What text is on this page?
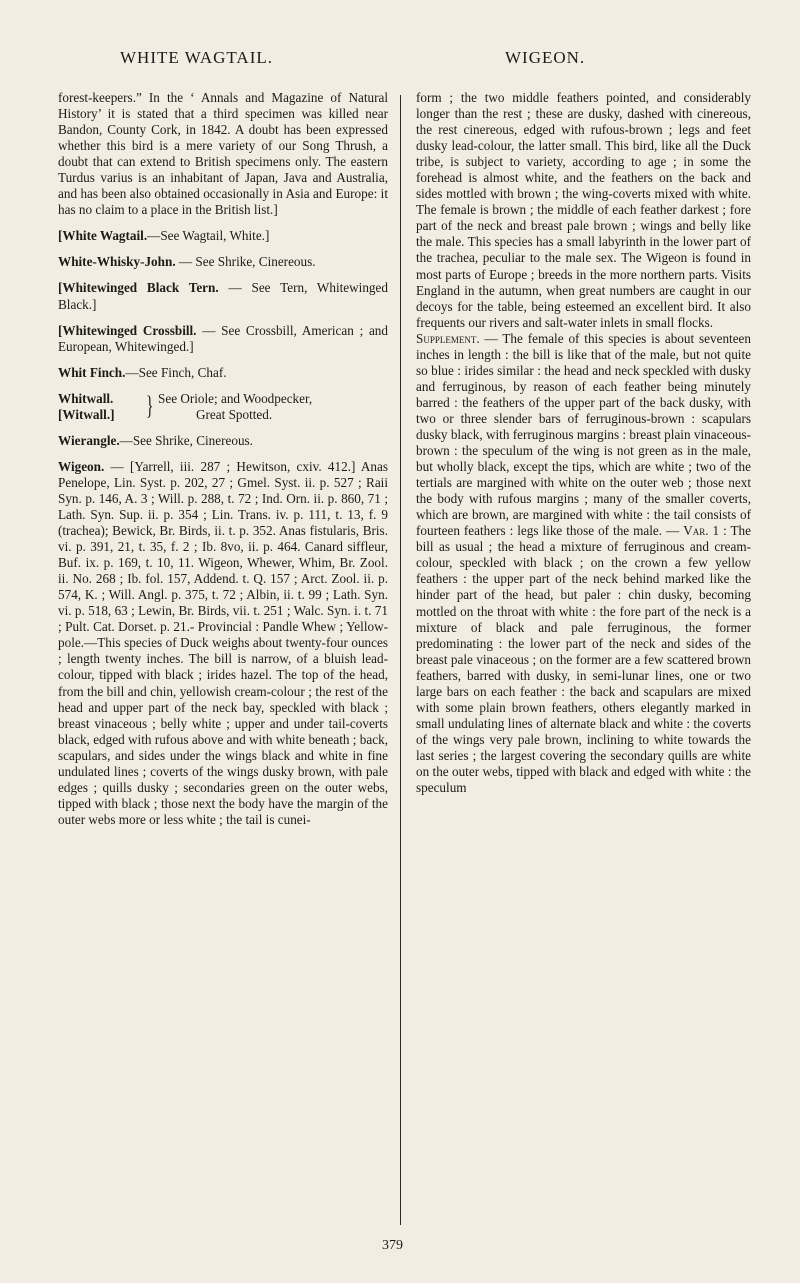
WHITE WAGTAIL.	WIGEON.

forest-keepers.” In the ‘ Annals and Magazine of Natural History’ it is stated that a third specimen was killed near Bandon, County Cork, in 1842. A doubt has been expressed whether this bird is a mere variety of our Song Thrush, a doubt that can extend to British specimens only. The eastern Turdus varius is an inhabitant of Japan, Java and Australia, and has been also obtained occasionally in Asia and Europe: it has no claim to a place in the British list.]

[White Wagtail.—See Wagtail, White.]

White-Whisky-John. — See Shrike, Cinereous.

[Whitewinged Black Tern. — See Tern, Whitewinged Black.]

[Whitewinged Crossbill. — See Crossbill, American ; and European, Whitewinged.]

Whit Finch.—See Finch, Chaf.

Whitwall.
[Witwall.]	} See Oriole; and Woodpecker,
Great Spotted.

Wierangle.—See Shrike, Cinereous.

Wigeon. — [Yarrell, iii. 287 ; Hewitson, cxiv. 412.] Anas Penelope, Lin. Syst. p. 202, 27 ; Gmel. Syst. ii. p. 527 ; Raii Syn. p. 146, A. 3 ; Will. p. 288, t. 72 ; Ind. Orn. ii. p. 860, 71 ; Lath. Syn. Sup. ii. p. 354 ; Lin. Trans. iv. p. 111, t. 13, f. 9 (trachea); Bewick, Br. Birds, ii. t. p. 352. Anas fistularis, Bris. vi. p. 391, 21, t. 35, f. 2 ; Ib. 8vo, ii. p. 464. Canard siffleur, Buf. ix. p. 169, t. 10, 11. Wigeon, Whewer, Whim, Br. Zool. ii. No. 268 ; Ib. fol. 157, Addend. t. Q. 157 ; Arct. Zool. ii. p. 574, K. ; Will. Angl. p. 375, t. 72 ; Albin, ii. t. 99 ; Lath. Syn. vi. p. 518, 63 ; Lewin, Br. Birds, vii. t. 251 ; Walc. Syn. i. t. 71 ; Pult. Cat. Dorset. p. 21.- Provincial : Pandle Whew ; Yellow-pole.—This species of Duck weighs about twenty-four ounces ; length twenty inches. The bill is narrow, of a bluish lead-colour, tipped with black ; irides hazel. The top of the head, from the bill and chin, yellowish cream-colour ; the rest of the head and upper part of the neck bay, speckled with black ; breast vinaceous ; belly white ; upper and under tail-coverts black, edged with rufous above and with white beneath ; back, scapulars, and sides under the wings black and white in fine undulated lines ; coverts of the wings dusky brown, with pale edges ; quills dusky ; secondaries green on the outer webs, tipped with black ; those next the body have the margin of the outer webs more or less white ; the tail is cunei-

form ; the two middle feathers pointed, and considerably longer than the rest ; these are dusky, dashed with cinereous, the rest cinereous, edged with rufous-brown ; legs and feet dusky lead-colour, the latter small. This bird, like all the Duck tribe, is subject to variety, according to age ; in some the forehead is almost white, and the feathers on the back and sides mottled with brown ; the wing-coverts mixed with white. The female is brown ; the middle of each feather darkest ; fore part of the neck and breast pale brown ; wings and belly like the male. This species has a small labyrinth in the lower part of the trachea, peculiar to the male sex. The Wigeon is found in most parts of Europe ; breeds in the more northern parts. Visits England in the autumn, when great numbers are caught in our decoys for the table, being esteemed an excellent bird. It also frequents our rivers and salt-water inlets in small flocks.

Supplement. — The female of this species is about seventeen inches in length : the bill is like that of the male, but not quite so blue : irides similar : the head and neck speckled with dusky and ferruginous, by reason of each feather being minutely barred : the feathers of the upper part of the back dusky, with two or three slender bars of ferruginous-brown : scapulars dusky black, with ferruginous margins : breast plain vinaceous-brown : the speculum of the wing is not green as in the male, but wholly black, except the tips, which are white ; two of the tertials are margined with white on the outer web ; those next the body with rufous margins ; many of the smaller coverts, which are brown, are margined with white : the tail consists of fourteen feathers : legs like those of the male. — Var. 1 : The bill as usual ; the head a mixture of ferruginous and cream-colour, speckled with black ; on the crown a few yellow feathers : the upper part of the neck behind marked like the hinder part of the head, but paler : chin dusky, becoming mottled on the throat with white : the fore part of the neck is a mixture of black and pale ferruginous, the former predominating : the lower part of the neck and sides of the breast pale vinaceous ; on the former are a few scattered brown feathers, barred with dusky, in semi-lunar lines, one or two large bars on each feather : the back and scapulars are mixed with some plain brown feathers, others elegantly marked in small undulating lines of alternate black and white : the coverts of the wings very pale brown, inclining to white towards the last series ; the largest covering the secondary quills are white on the outer webs, tipped with black and edged with white : the speculum

379
